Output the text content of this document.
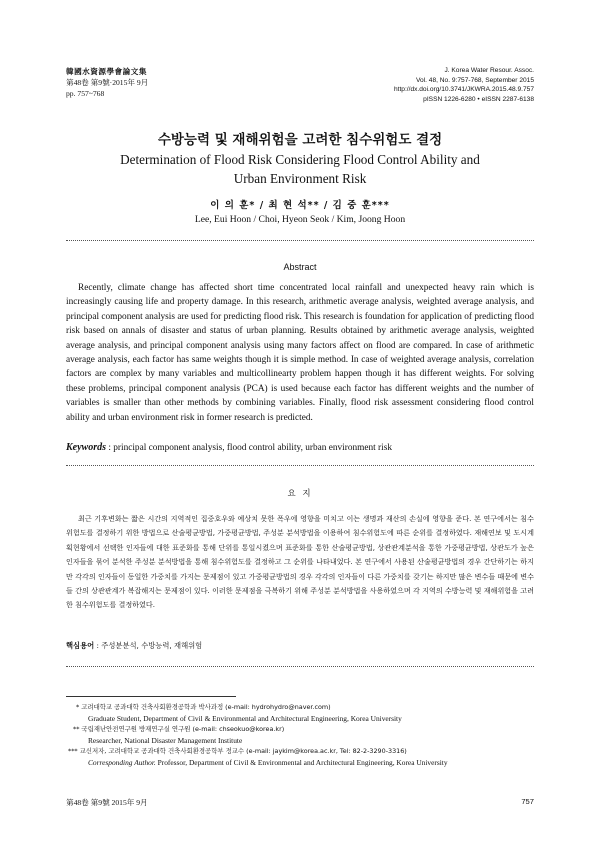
韓國水資源學會論文集
第48卷 第9號·2015年 9月
pp. 757~768
J. Korea Water Resour. Assoc.
Vol. 48, No. 9:757-768, September 2015
http://dx.doi.org/10.3741/JKWRA.2015.48.9.757
pISSN 1226-6280 • eISSN 2287-6138
수방능력 및 재해위험을 고려한 침수위험도 결정
Determination of Flood Risk Considering Flood Control Ability and
Urban Environment Risk
이 의 훈* / 최 현 석** / 김 중 훈***
Lee, Eui Hoon / Choi, Hyeon Seok / Kim, Joong Hoon
Abstract
Recently, climate change has affected short time concentrated local rainfall and unexpected heavy rain which is increasingly causing life and property damage. In this research, arithmetic average analysis, weighted average analysis, and principal component analysis are used for predicting flood risk. This research is foundation for application of predicting flood risk based on annals of disaster and status of urban planning. Results obtained by arithmetic average analysis, weighted average analysis, and principal component analysis using many factors affect on flood are compared. In case of arithmetic average analysis, each factor has same weights though it is simple method. In case of weighted average analysis, correlation factors are complex by many variables and multicollinearty problem happen though it has different weights. For solving these problems, principal component analysis (PCA) is used because each factor has different weights and the number of variables is smaller than other methods by combining variables. Finally, flood risk assessment considering flood control ability and urban environment risk in former research is predicted.
Keywords : principal component analysis, flood control ability, urban environment risk
요 지
최근 기후변화는 짧은 시간의 지역적인 집중호우와 예상치 못한 폭우에 영향을 미치고 이는 생명과 재산의 손실에 영향을 준다. 본 연구에서는 침수위험도를 결정하기 위한 방법으로 산술평균방법, 가중평균방법, 주성분 분석방법을 이용하여 침수위험도에 따른 순위를 결정하였다. 재해연보 및 도시계획현황에서 선택한 인자들에 대한 표준화를 통해 단위를 통일시켰으며 표준화를 통한 산술평균방법, 상관관계분석을 통한 가중평균방법, 상관도가 높은 인자들을 묶어 분석한 주성분 분석방법을 통해 침수위험도를 결정하고 그 순위를 나타내었다. 본 연구에서 사용된 산술평균방법의 경우 간단하기는 하지만 각각의 인자들이 동일한 가중치를 가지는 문제점이 있고 가중평균방법의 경우 각각의 인자들이 다른 가중치를 갖기는 하지만 많은 변수들 때문에 변수들 간의 상관관계가 복잡해지는 문제점이 있다. 이러한 문제점을 극복하기 위해 주성분 분석방법을 사용하였으며 각 지역의 수방능력 및 재해위험을 고려한 침수위험도를 결정하였다.
핵심용어 : 주성분분석, 수방능력, 재해위험
* 고려대학교 공과대학 건축사회환경공학과 박사과정 (e-mail: hydrohydro@naver.com)
Graduate Student, Department of Civil & Environmental and Architectural Engineering, Korea University
** 국립재난안전연구원 방재연구실 연구원 (e-mail: chseokuo@korea.kr)
Researcher, National Disaster Management Institute
*** 교신저자, 고려대학교 공과대학 건축사회환경공학부 정교수 (e-mail: jaykim@korea.ac.kr, Tel: 82-2-3290-3316)
Corresponding Author. Professor, Department of Civil & Environmental and Architectural Engineering, Korea University
第48卷 第9號 2015年 9月	757
